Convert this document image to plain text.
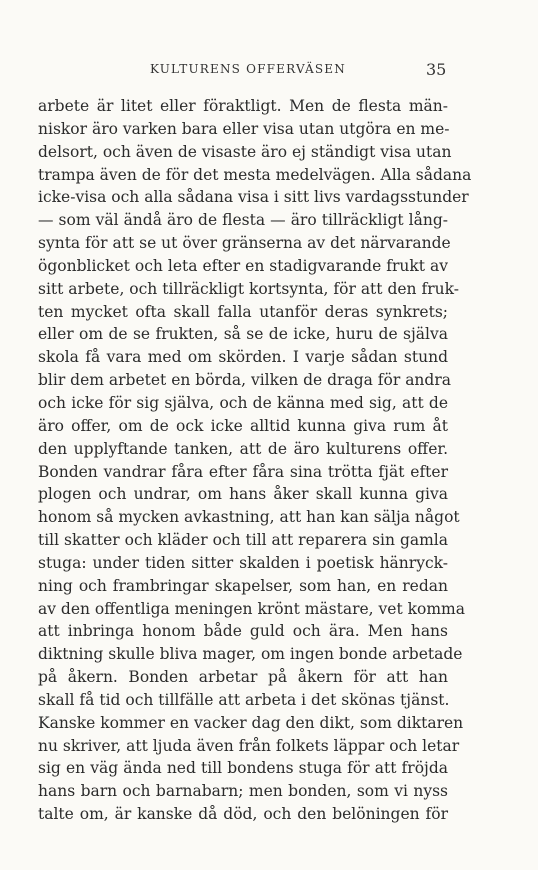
KULTURENS OFFERVÄSEN	35
arbete är litet eller föraktligt. Men de flesta män-
niskor äro varken bara eller visa utan utgöra en me-
delsort, och även de visaste äro ej ständigt visa utan
trampa även de för det mesta medelvägen. Alla sådana
icke-visa och alla sådana visa i sitt livs vardagsstunder
— som väl ändå äro de flesta — äro tillräckligt lång-
synta för att se ut över gränserna av det närvarande
ögonblicket och leta efter en stadigvarande frukt av
sitt arbete, och tillräckligt kortsynta, för att den fruk-
ten mycket ofta skall falla utanför deras synkrets;
eller om de se frukten, så se de icke, huru de själva
skola få vara med om skörden. I varje sådan stund
blir dem arbetet en börda, vilken de draga för andra
och icke för sig själva, och de känna med sig, att de
äro offer, om de ock icke alltid kunna giva rum åt
den upplyftande tanken, att de äro kulturens offer.
Bonden vandrar fåra efter fåra sina trötta fjät efter
plogen och undrar, om hans åker skall kunna giva
honom så mycken avkastning, att han kan sälja något
till skatter och kläder och till att reparera sin gamla
stuga: under tiden sitter skalden i poetisk hänryck-
ning och frambringar skapelser, som han, en redan
av den offentliga meningen krönt mästare, vet komma
att inbringa honom både guld och ära. Men hans
diktning skulle bliva mager, om ingen bonde arbetade
på åkern. Bonden arbetar på åkern för att han
skall få tid och tillfälle att arbeta i det skönas tjänst.
Kanske kommer en vacker dag den dikt, som diktaren
nu skriver, att ljuda även från folkets läppar och letar
sig en väg ända ned till bondens stuga för att fröjda
hans barn och barnabarn; men bonden, som vi nyss
talte om, är kanske då död, och den belöningen för
